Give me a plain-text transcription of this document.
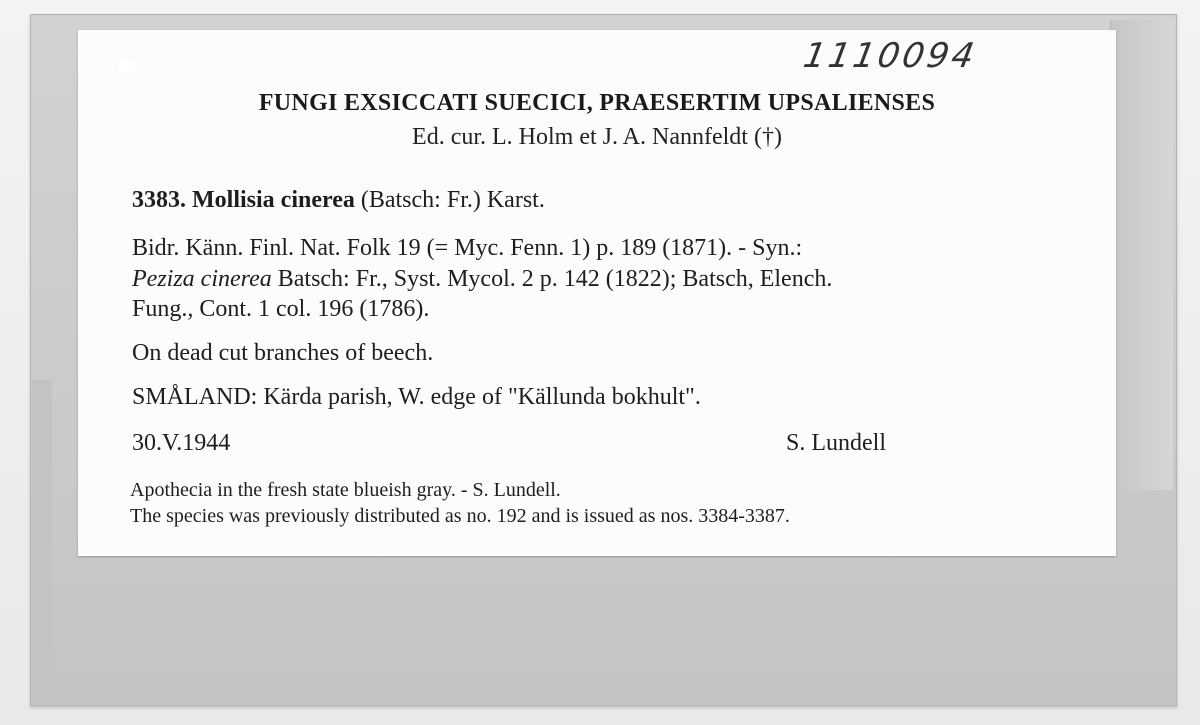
1110094
FUNGI EXSICCATI SUECICI, PRAESERTIM UPSALIENSES
Ed. cur. L. Holm et J. A. Nannfeldt (†)
3383. Mollisia cinerea (Batsch: Fr.) Karst.
Bidr. Känn. Finl. Nat. Folk 19 (= Myc. Fenn. 1) p. 189 (1871). - Syn.:
Peziza cinerea Batsch: Fr., Syst. Mycol. 2 p. 142 (1822); Batsch, Elench.
Fung., Cont. 1 col. 196 (1786).
On dead cut branches of beech.
SMÅLAND: Kärda parish, W. edge of "Källunda bokhult".
30.V.1944	S. Lundell
Apothecia in the fresh state blueish gray. - S. Lundell.
The species was previously distributed as no. 192 and is issued as nos. 3384-3387.
